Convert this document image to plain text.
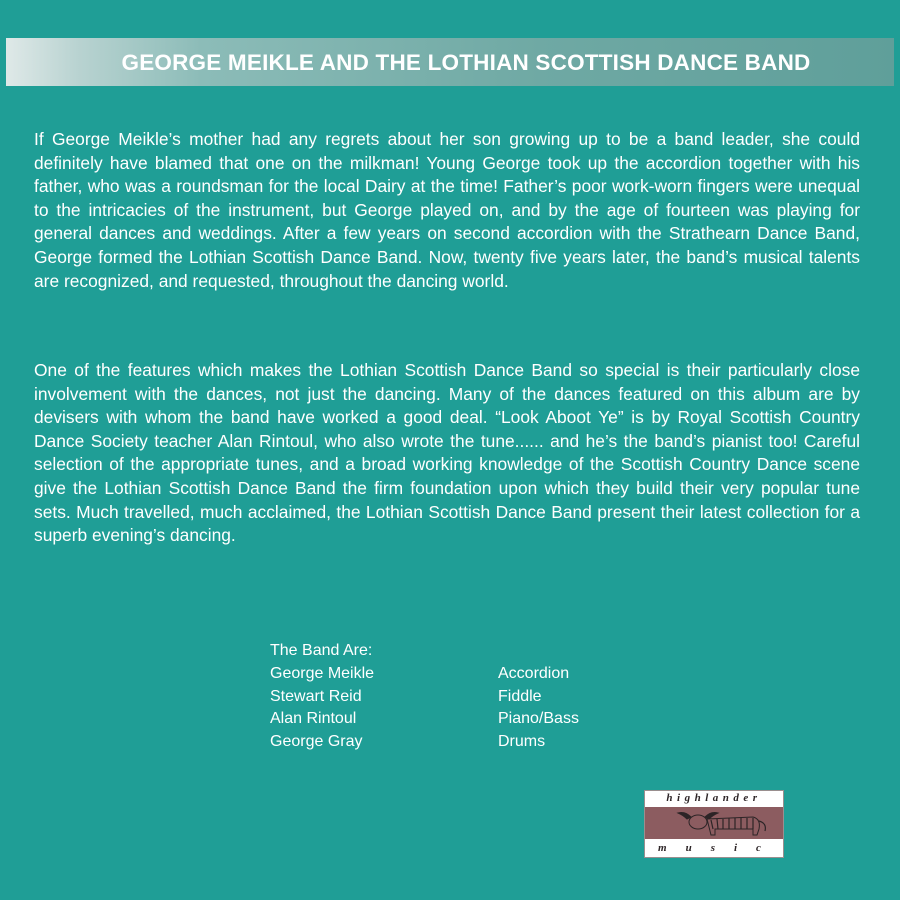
GEORGE MEIKLE AND THE LOTHIAN SCOTTISH DANCE BAND
If George Meikle’s mother had any regrets about her son growing up to be a band leader, she could definitely have blamed that one on the milkman! Young George took up the accordion together with his father, who was a roundsman for the local Dairy at the time! Father’s poor work-worn fingers were unequal to the intricacies of the instrument, but George played on, and by the age of fourteen was playing for general dances and weddings. After a few years on second accordion with the Strathearn Dance Band, George formed the Lothian Scottish Dance Band. Now, twenty five years later, the band’s musical talents are recognized, and requested, throughout the dancing world.
One of the features which makes the Lothian Scottish Dance Band so special is their particularly close involvement with the dances, not just the dancing. Many of the dances featured on this album are by devisers with whom the band have worked a good deal. “Look Aboot Ye” is by Royal Scottish Country Dance Society teacher Alan Rintoul, who also wrote the tune...... and he’s the band’s pianist too! Careful selection of the appropriate tunes, and a broad working knowledge of the Scottish Country Dance scene give the Lothian Scottish Dance Band the firm foundation upon which they build their very popular tune sets. Much travelled, much acclaimed, the Lothian Scottish Dance Band present their latest collection for a superb evening’s dancing.
The Band Are:
George Meikle	Accordion
Stewart Reid	Fiddle
Alan Rintoul	Piano/Bass
George Gray	Drums
highlander
music
